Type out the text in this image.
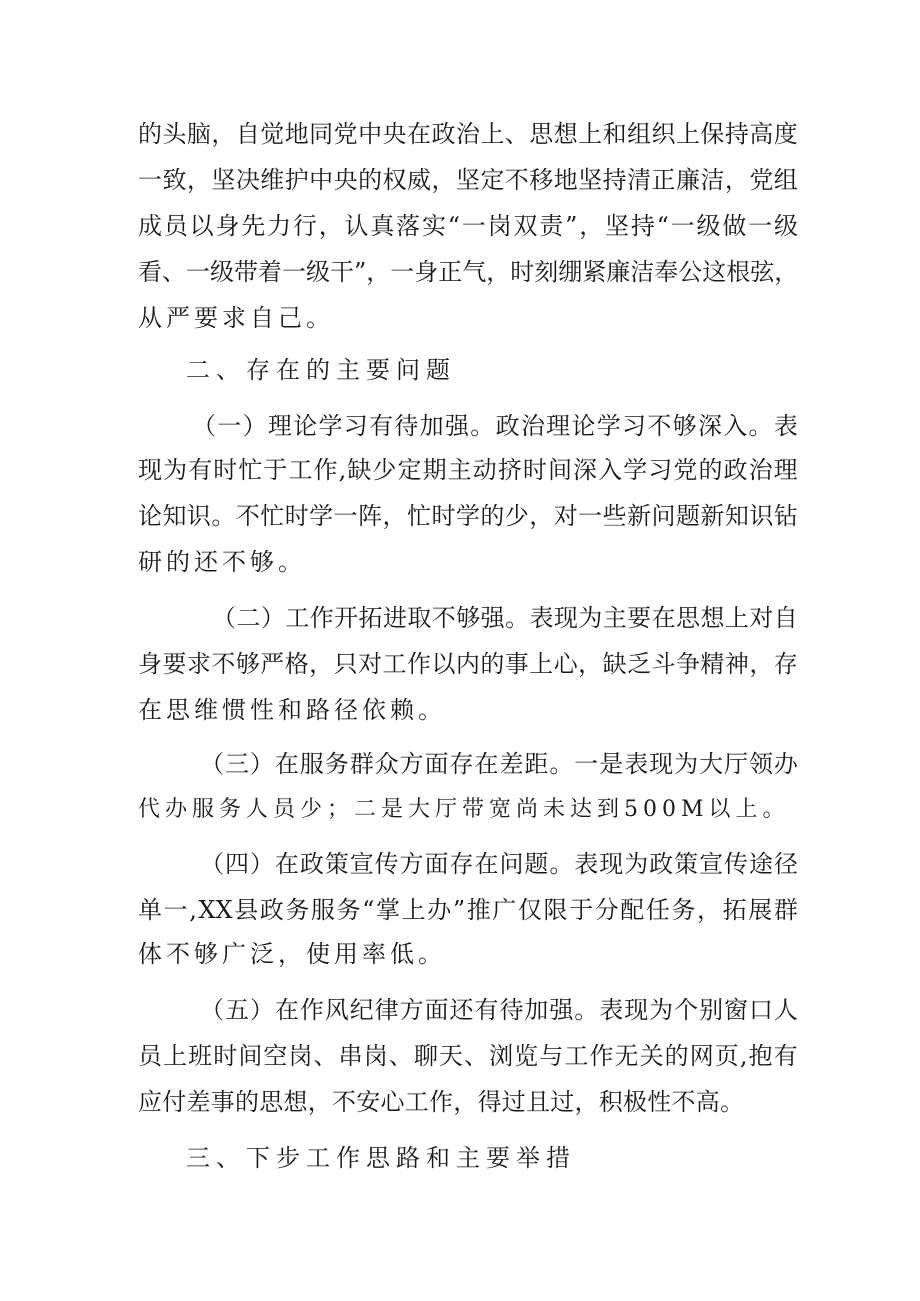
的 头 脑 ， 自 觉 地 同 党 中 央 在 政 治 上 、 思 想 上 和 组 织 上 保 持 高 度
一 致 ， 坚 决 维 护 中 央 的 权 威 ， 坚 定 不 移 地 坚 持 清 正 廉 洁 ， 党 组
成 员 以 身 先 力 行 ， 认 真 落 实 “ 一 岗 双 责 ” ， 坚 持 “ 一 级 做 一 级
看 、 一 级 带 着 一 级 干 ” ， 一 身 正 气 ， 时 刻 绷 紧 廉 洁 奉 公 这 根 弦 ，
从严要求自己。
二、存在的主要问题
（ 一 ） 理 论 学 习 有 待 加 强 。 政 治 理 论 学 习 不 够 深 入 。 表
现 为 有 时 忙 于 工 作 , 缺 少 定 期 主 动 挤 时 间 深 入 学 习 党 的 政 治 理
论 知 识 。 不 忙 时 学 一 阵 ， 忙 时 学 的 少 ， 对 一 些 新 问 题 新 知 识 钻
研的还不够。
（ 二 ） 工 作 开 拓 进 取 不 够 强 。 表 现 为 主 要 在 思 想 上 对 自
身 要 求 不 够 严 格 ， 只 对 工 作 以 内 的 事 上 心 ， 缺 乏 斗 争 精 神 ， 存
在思维惯性和路径依赖。
（ 三 ） 在 服 务 群 众 方 面 存 在 差 距 。 一 是 表 现 为 大 厅 领 办
代办服务人员少；二是大厅带宽尚未达到500M以上。
（ 四 ） 在 政 策 宣 传 方 面 存 在 问 题 。 表 现 为 政 策 宣 传 途 径
单 一 , XX 县 政 务 服 务 “ 掌 上 办 ” 推 广 仅 限 于 分 配 任 务 ， 拓 展 群
体不够广泛，使用率低。
（ 五 ） 在 作 风 纪 律 方 面 还 有 待 加 强 。 表 现 为 个 别 窗 口 人
员 上 班 时 间 空 岗 、 串 岗 、 聊 天 、 浏 览 与 工 作 无 关 的 网 页 , 抱 有
应 付 差 事 的 思 想 ， 不 安 心 工 作 ， 得 过 且 过 ， 积 极 性 不 高 。
三、下步工作思路和主要举措
